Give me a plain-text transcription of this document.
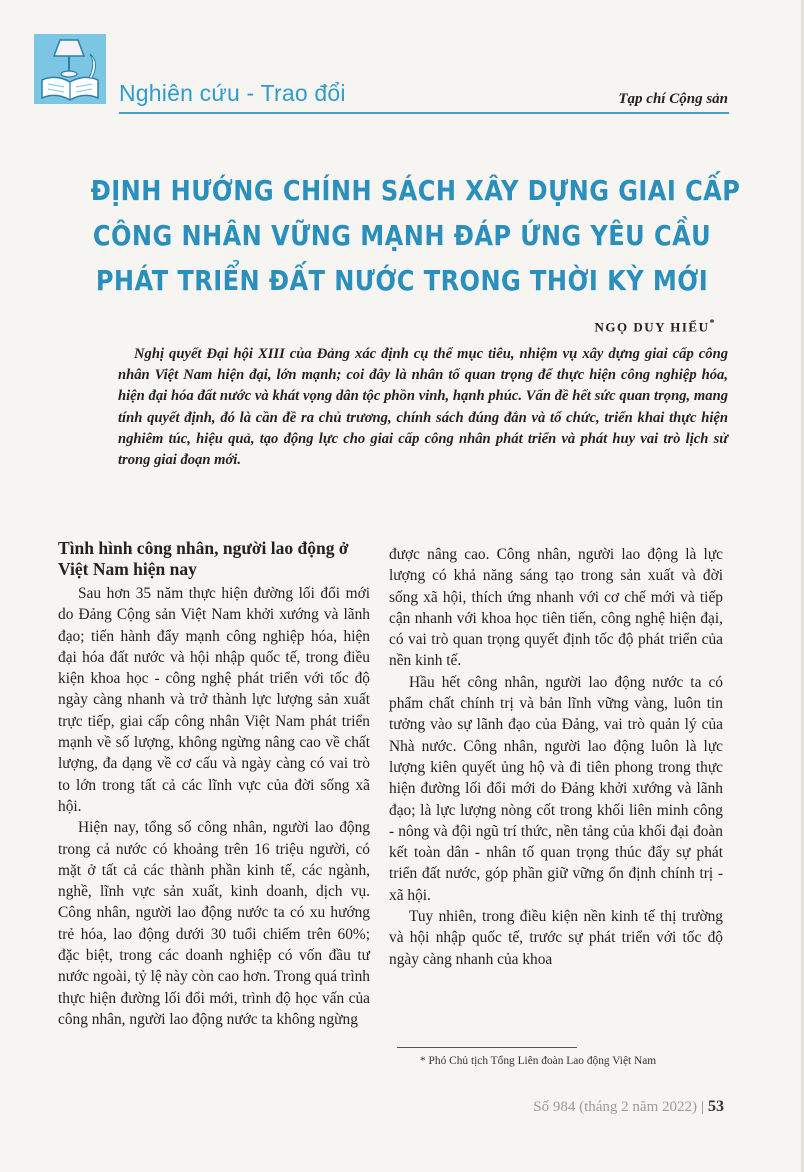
Nghiên cứu - Trao đổi	Tạp chí Cộng sản
ĐỊNH HƯỚNG CHÍNH SÁCH XÂY DỰNG GIAI CẤP
CÔNG NHÂN VỮNG MẠNH ĐÁP ỨNG YÊU CẦU
PHÁT TRIỂN ĐẤT NƯỚC TRONG THỜI KỲ MỚI
NGỌ DUY HIỂU*
Nghị quyết Đại hội XIII của Đảng xác định cụ thể mục tiêu, nhiệm vụ xây dựng giai cấp công nhân Việt Nam hiện đại, lớn mạnh; coi đây là nhân tố quan trọng để thực hiện công nghiệp hóa, hiện đại hóa đất nước và khát vọng dân tộc phồn vinh, hạnh phúc. Vấn đề hết sức quan trọng, mang tính quyết định, đó là cần đề ra chủ trương, chính sách đúng đắn và tổ chức, triển khai thực hiện nghiêm túc, hiệu quả, tạo động lực cho giai cấp công nhân phát triển và phát huy vai trò lịch sử trong giai đoạn mới.
Tình hình công nhân, người lao động ở Việt Nam hiện nay

Sau hơn 35 năm thực hiện đường lối đổi mới do Đảng Cộng sản Việt Nam khởi xướng và lãnh đạo; tiến hành đẩy mạnh công nghiệp hóa, hiện đại hóa đất nước và hội nhập quốc tế, trong điều kiện khoa học - công nghệ phát triển với tốc độ ngày càng nhanh và trở thành lực lượng sản xuất trực tiếp, giai cấp công nhân Việt Nam phát triển mạnh về số lượng, không ngừng nâng cao về chất lượng, đa dạng về cơ cấu và ngày càng có vai trò to lớn trong tất cả các lĩnh vực của đời sống xã hội.

Hiện nay, tổng số công nhân, người lao động trong cả nước có khoảng trên 16 triệu người, có mặt ở tất cả các thành phần kinh tế, các ngành, nghề, lĩnh vực sản xuất, kinh doanh, dịch vụ. Công nhân, người lao động nước ta có xu hướng trẻ hóa, lao động dưới 30 tuổi chiếm trên 60%; đặc biệt, trong các doanh nghiệp có vốn đầu tư nước ngoài, tỷ lệ này còn cao hơn. Trong quá trình thực hiện đường lối đổi mới, trình độ học vấn của công nhân, người lao động nước ta không ngừng

được nâng cao. Công nhân, người lao động là lực lượng có khả năng sáng tạo trong sản xuất và đời sống xã hội, thích ứng nhanh với cơ chế mới và tiếp cận nhanh với khoa học tiên tiến, công nghệ hiện đại, có vai trò quan trọng quyết định tốc độ phát triển của nền kinh tế.

Hầu hết công nhân, người lao động nước ta có phẩm chất chính trị và bản lĩnh vững vàng, luôn tin tưởng vào sự lãnh đạo của Đảng, vai trò quản lý của Nhà nước. Công nhân, người lao động luôn là lực lượng kiên quyết ủng hộ và đi tiên phong trong thực hiện đường lối đổi mới do Đảng khởi xướng và lãnh đạo; là lực lượng nòng cốt trong khối liên minh công - nông và đội ngũ trí thức, nền tảng của khối đại đoàn kết toàn dân - nhân tố quan trọng thúc đẩy sự phát triển đất nước, góp phần giữ vững ổn định chính trị - xã hội.

Tuy nhiên, trong điều kiện nền kinh tế thị trường và hội nhập quốc tế, trước sự phát triển với tốc độ ngày càng nhanh của khoa

* Phó Chủ tịch Tổng Liên đoàn Lao động Việt Nam
Số 984 (tháng 2 năm 2022) | 53
